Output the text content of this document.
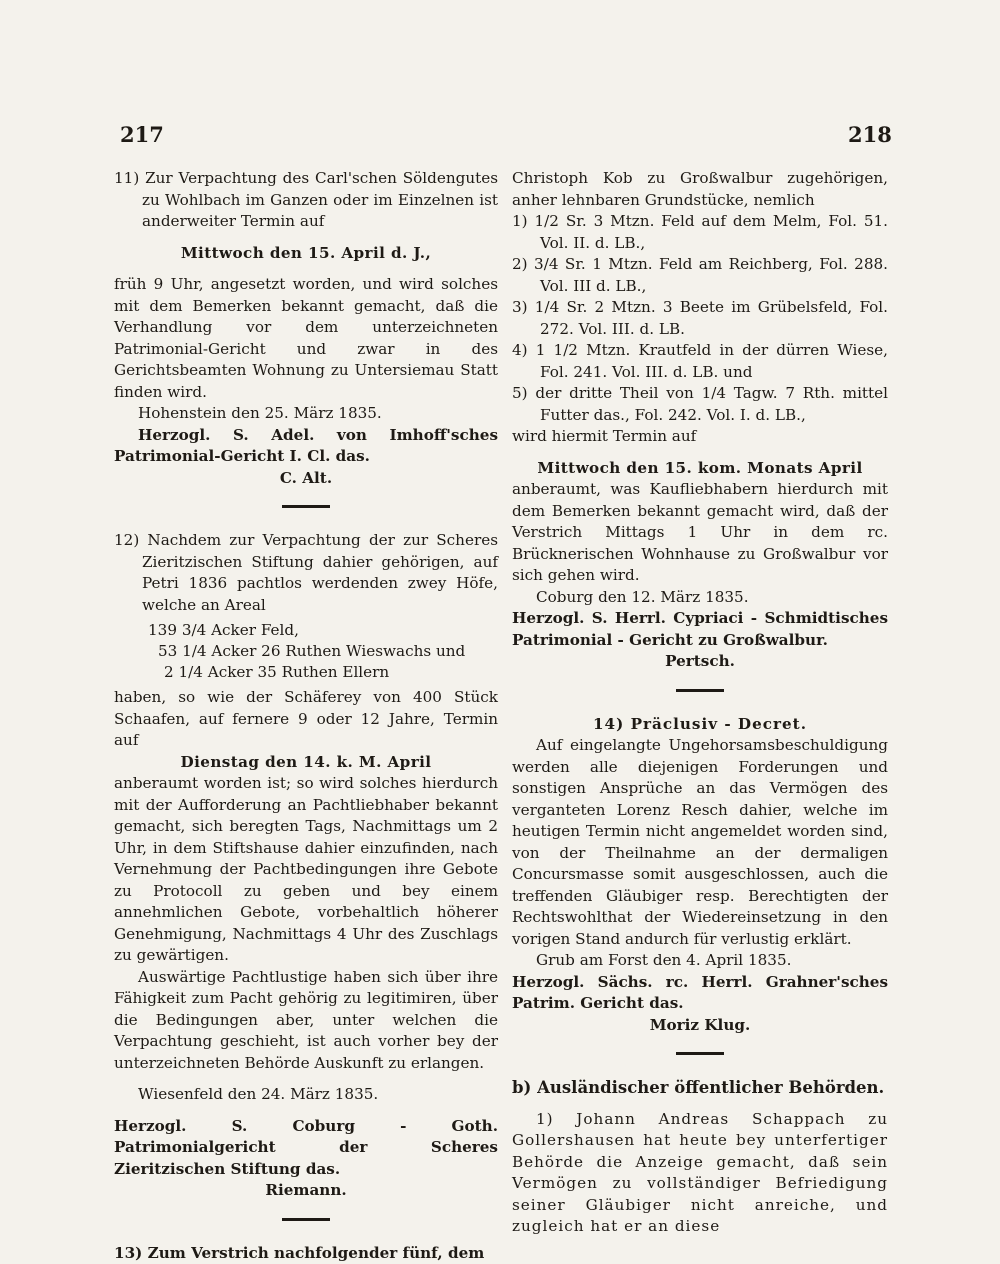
217	218

11) Zur Verpachtung des Carl'schen Söldengutes zu Wohlbach im Ganzen oder im Einzelnen ist anderweiter Termin auf

Mittwoch den 15. April d. J.,

früh 9 Uhr, angesetzt worden, und wird solches mit dem Bemerken bekannt gemacht, daß die Verhandlung vor dem unterzeichneten Patrimonial-Gericht und zwar in des Gerichtsbeamten Wohnung zu Untersiemau Statt finden wird.

Hohenstein den 25. März 1835.

Herzogl. S. Adel. von Imhoff'sches Patrimonial-Gericht I. Cl. das.

C. Alt.

12) Nachdem zur Verpachtung der zur Scheres Zieritzischen Stiftung dahier gehörigen, auf Petri 1836 pachtlos werdenden zwey Höfe, welche an Areal

139 3/4 Acker Feld,

53 1/4 Acker 26 Ruthen Wieswachs und

2 1/4 Acker 35 Ruthen Ellern

haben, so wie der Schäferey von 400 Stück Schaafen, auf fernere 9 oder 12 Jahre, Termin auf

Dienstag den 14. k. M. April

anberaumt worden ist; so wird solches hierdurch mit der Aufforderung an Pachtliebhaber bekannt gemacht, sich beregten Tags, Nachmittags um 2 Uhr, in dem Stiftshause dahier einzufinden, nach Vernehmung der Pachtbedingungen ihre Gebote zu Protocoll zu geben und bey einem annehmlichen Gebote, vorbehaltlich höherer Genehmigung, Nachmittags 4 Uhr des Zuschlags zu gewärtigen.

Auswärtige Pachtlustige haben sich über ihre Fähigkeit zum Pacht gehörig zu legitimiren, über die Bedingungen aber, unter welchen die Verpachtung geschieht, ist auch vorher bey der unterzeichneten Behörde Auskunft zu erlangen.

Wiesenfeld den 24. März 1835.

Herzogl. S. Coburg - Goth. Patrimonialgericht der Scheres Zieritzischen Stiftung das.

Riemann.

13) Zum Verstrich nachfolgender fünf, dem

Christoph Kob zu Großwalbur zugehörigen, anher lehnbaren Grundstücke, nemlich

1) 1/2 Sr. 3 Mtzn. Feld auf dem Melm, Fol. 51. Vol. II. d. LB.,

2) 3/4 Sr. 1 Mtzn. Feld am Reichberg, Fol. 288. Vol. III d. LB.,

3) 1/4 Sr. 2 Mtzn. 3 Beete im Grübelsfeld, Fol. 272. Vol. III. d. LB.

4) 1 1/2 Mtzn. Krautfeld in der dürren Wiese, Fol. 241. Vol. III. d. LB. und

5) der dritte Theil von 1/4 Tagw. 7 Rth. mittel Futter das., Fol. 242. Vol. I. d. LB.,

wird hiermit Termin auf

Mittwoch den 15. kom. Monats April

anberaumt, was Kaufliebhabern hierdurch mit dem Bemerken bekannt gemacht wird, daß der Verstrich Mittags 1 Uhr in dem rc. Brücknerischen Wohnhause zu Großwalbur vor sich gehen wird.

Coburg den 12. März 1835.

Herzogl. S. Herrl. Cypriaci - Schmidtisches Patrimonial - Gericht zu Großwalbur.

Pertsch.

14) Präclusiv - Decret.

Auf eingelangte Ungehorsamsbeschuldigung werden alle diejenigen Forderungen und sonstigen Ansprüche an das Vermögen des verganteten Lorenz Resch dahier, welche im heutigen Termin nicht angemeldet worden sind, von der Theilnahme an der dermaligen Concursmasse somit ausgeschlossen, auch die treffenden Gläubiger resp. Berechtigten der Rechtswohlthat der Wiedereinsetzung in den vorigen Stand andurch für verlustig erklärt.

Grub am Forst den 4. April 1835.

Herzogl. Sächs. rc. Herrl. Grahner'sches Patrim. Gericht das.

Moriz Klug.

b) Ausländischer öffentlicher Behörden.

1) Johann Andreas Schappach zu Gollershausen hat heute bey unterfertiger Behörde die Anzeige gemacht, daß sein Vermögen zu vollständiger Befriedigung seiner Gläubiger nicht anreiche, und zugleich hat er an diese
